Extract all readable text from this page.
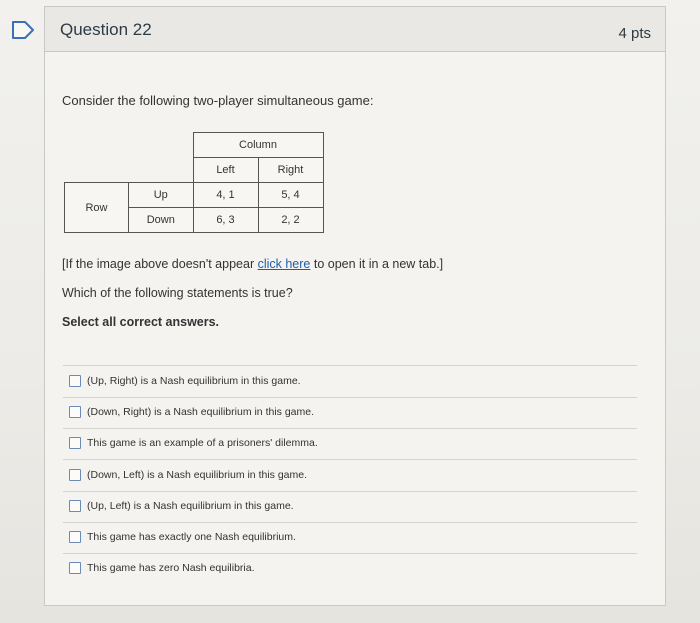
Question 22	4 pts
Consider the following two-player simultaneous game:
		Column	
		Left	Right
Row	Up	4, 1	5, 4
	Down	6, 3	2, 2
[If the image above doesn't appear click here to open it in a new tab.]
Which of the following statements is true?
Select all correct answers.
(Up, Right) is a Nash equilibrium in this game.
(Down, Right) is a Nash equilibrium in this game.
This game is an example of a prisoners' dilemma.
(Down, Left) is a Nash equilibrium in this game.
(Up, Left) is a Nash equilibrium in this game.
This game has exactly one Nash equilibrium.
This game has zero Nash equilibria.
